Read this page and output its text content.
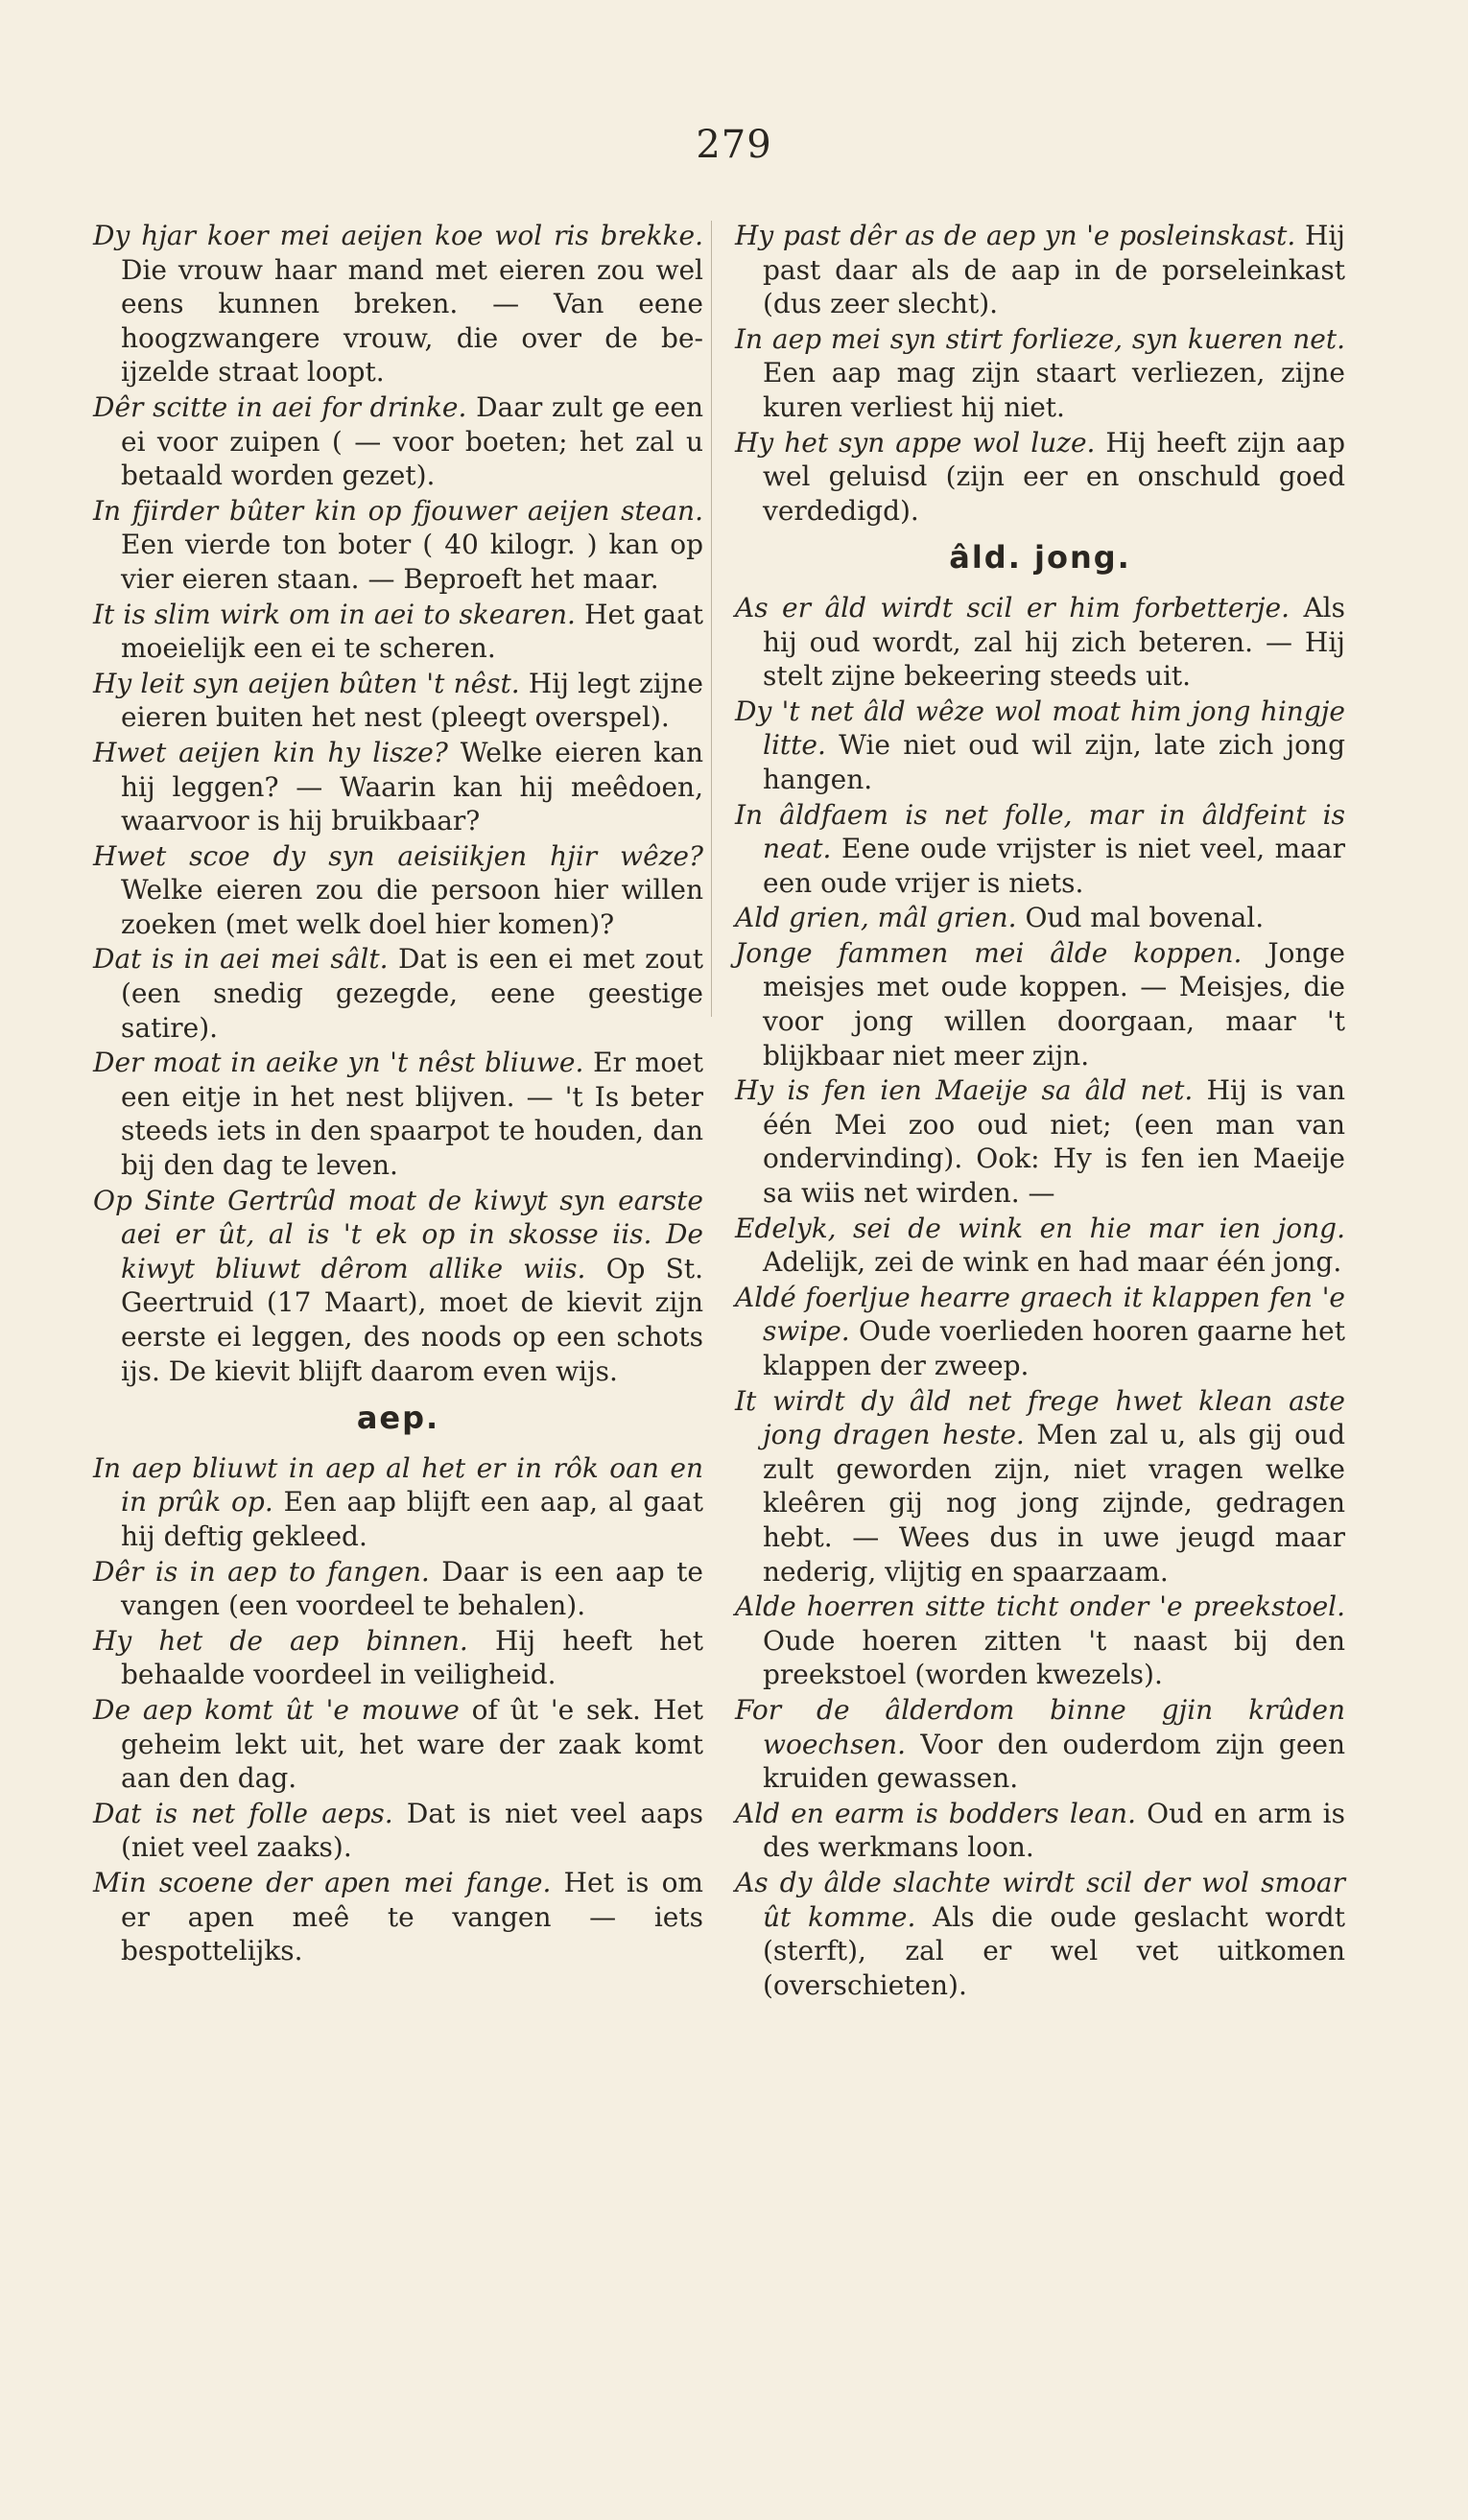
279

Dy hjar koer mei aeijen koe wol ris brekke. Die vrouw haar mand met eieren zou wel eens kunnen breken. — Van eene hoogzwangere vrouw, die over de be-ijzelde straat loopt.

Dêr scitte in aei for drinke. Daar zult ge een ei voor zuipen ( — voor boeten; het zal u betaald worden gezet).

In fjirder bûter kin op fjouwer aeijen stean. Een vierde ton boter ( 40 kilogr. ) kan op vier eieren staan. — Beproeft het maar.

It is slim wirk om in aei to skearen. Het gaat moeielijk een ei te scheren.

Hy leit syn aeijen bûten 't nêst. Hij legt zijne eieren buiten het nest (pleegt overspel).

Hwet aeijen kin hy lisze? Welke eieren kan hij leggen? — Waarin kan hij meêdoen, waarvoor is hij bruikbaar?

Hwet scoe dy syn aeisiikjen hjir wêze? Welke eieren zou die persoon hier willen zoeken (met welk doel hier komen)?

Dat is in aei mei sâlt. Dat is een ei met zout (een snedig gezegde, eene geestige satire).

Der moat in aeike yn 't nêst bliuwe. Er moet een eitje in het nest blijven. — 't Is beter steeds iets in den spaarpot te houden, dan bij den dag te leven.

Op Sinte Gertrûd moat de kiwyt syn earste aei er ût, al is 't ek op in skosse iis. De kiwyt bliuwt dêrom allike wiis. Op St. Geertruid (17 Maart), moet de kievit zijn eerste ei leggen, des noods op een schots ijs. De kievit blijft daarom even wijs.

aep.

In aep bliuwt in aep al het er in rôk oan en in prûk op. Een aap blijft een aap, al gaat hij deftig gekleed.

Dêr is in aep to fangen. Daar is een aap te vangen (een voordeel te behalen).

Hy het de aep binnen. Hij heeft het behaalde voordeel in veiligheid.

De aep komt ût 'e mouwe of ût 'e sek. Het geheim lekt uit, het ware der zaak komt aan den dag.

Dat is net folle aeps. Dat is niet veel aaps (niet veel zaaks).

Min scoene der apen mei fange. Het is om er apen meê te vangen — iets bespottelijks.

Hy past dêr as de aep yn 'e posleinskast. Hij past daar als de aap in de porseleinkast (dus zeer slecht).

In aep mei syn stirt forlieze, syn kueren net. Een aap mag zijn staart verliezen, zijne kuren verliest hij niet.

Hy het syn appe wol luze. Hij heeft zijn aap wel geluisd (zijn eer en onschuld goed verdedigd).

âld. jong.

As er âld wirdt scil er him forbetterje. Als hij oud wordt, zal hij zich beteren. — Hij stelt zijne bekeering steeds uit.

Dy 't net âld wêze wol moat him jong hingje litte. Wie niet oud wil zijn, late zich jong hangen.

In âldfaem is net folle, mar in âldfeint is neat. Eene oude vrijster is niet veel, maar een oude vrijer is niets.

Ald grien, mâl grien. Oud mal bovenal.

Jonge fammen mei âlde koppen. Jonge meisjes met oude koppen. — Meisjes, die voor jong willen doorgaan, maar 't blijkbaar niet meer zijn.

Hy is fen ien Maeije sa âld net. Hij is van één Mei zoo oud niet; (een man van ondervinding). Ook: Hy is fen ien Maeije sa wiis net wirden. —

Edelyk, sei de wink en hie mar ien jong. Adelijk, zei de wink en had maar één jong.

Aldé foerljue hearre graech it klappen fen 'e swipe. Oude voerlieden hooren gaarne het klappen der zweep.

It wirdt dy âld net frege hwet klean aste jong dragen heste. Men zal u, als gij oud zult geworden zijn, niet vragen welke kleêren gij nog jong zijnde, gedragen hebt. — Wees dus in uwe jeugd maar nederig, vlijtig en spaarzaam.

Alde hoerren sitte ticht onder 'e preekstoel. Oude hoeren zitten 't naast bij den preekstoel (worden kwezels).

For de âlderdom binne gjin krûden woechsen. Voor den ouderdom zijn geen kruiden gewassen.

Ald en earm is bodders lean. Oud en arm is des werkmans loon.

As dy âlde slachte wirdt scil der wol smoar ût komme. Als die oude geslacht wordt (sterft), zal er wel vet uitkomen (overschieten).
